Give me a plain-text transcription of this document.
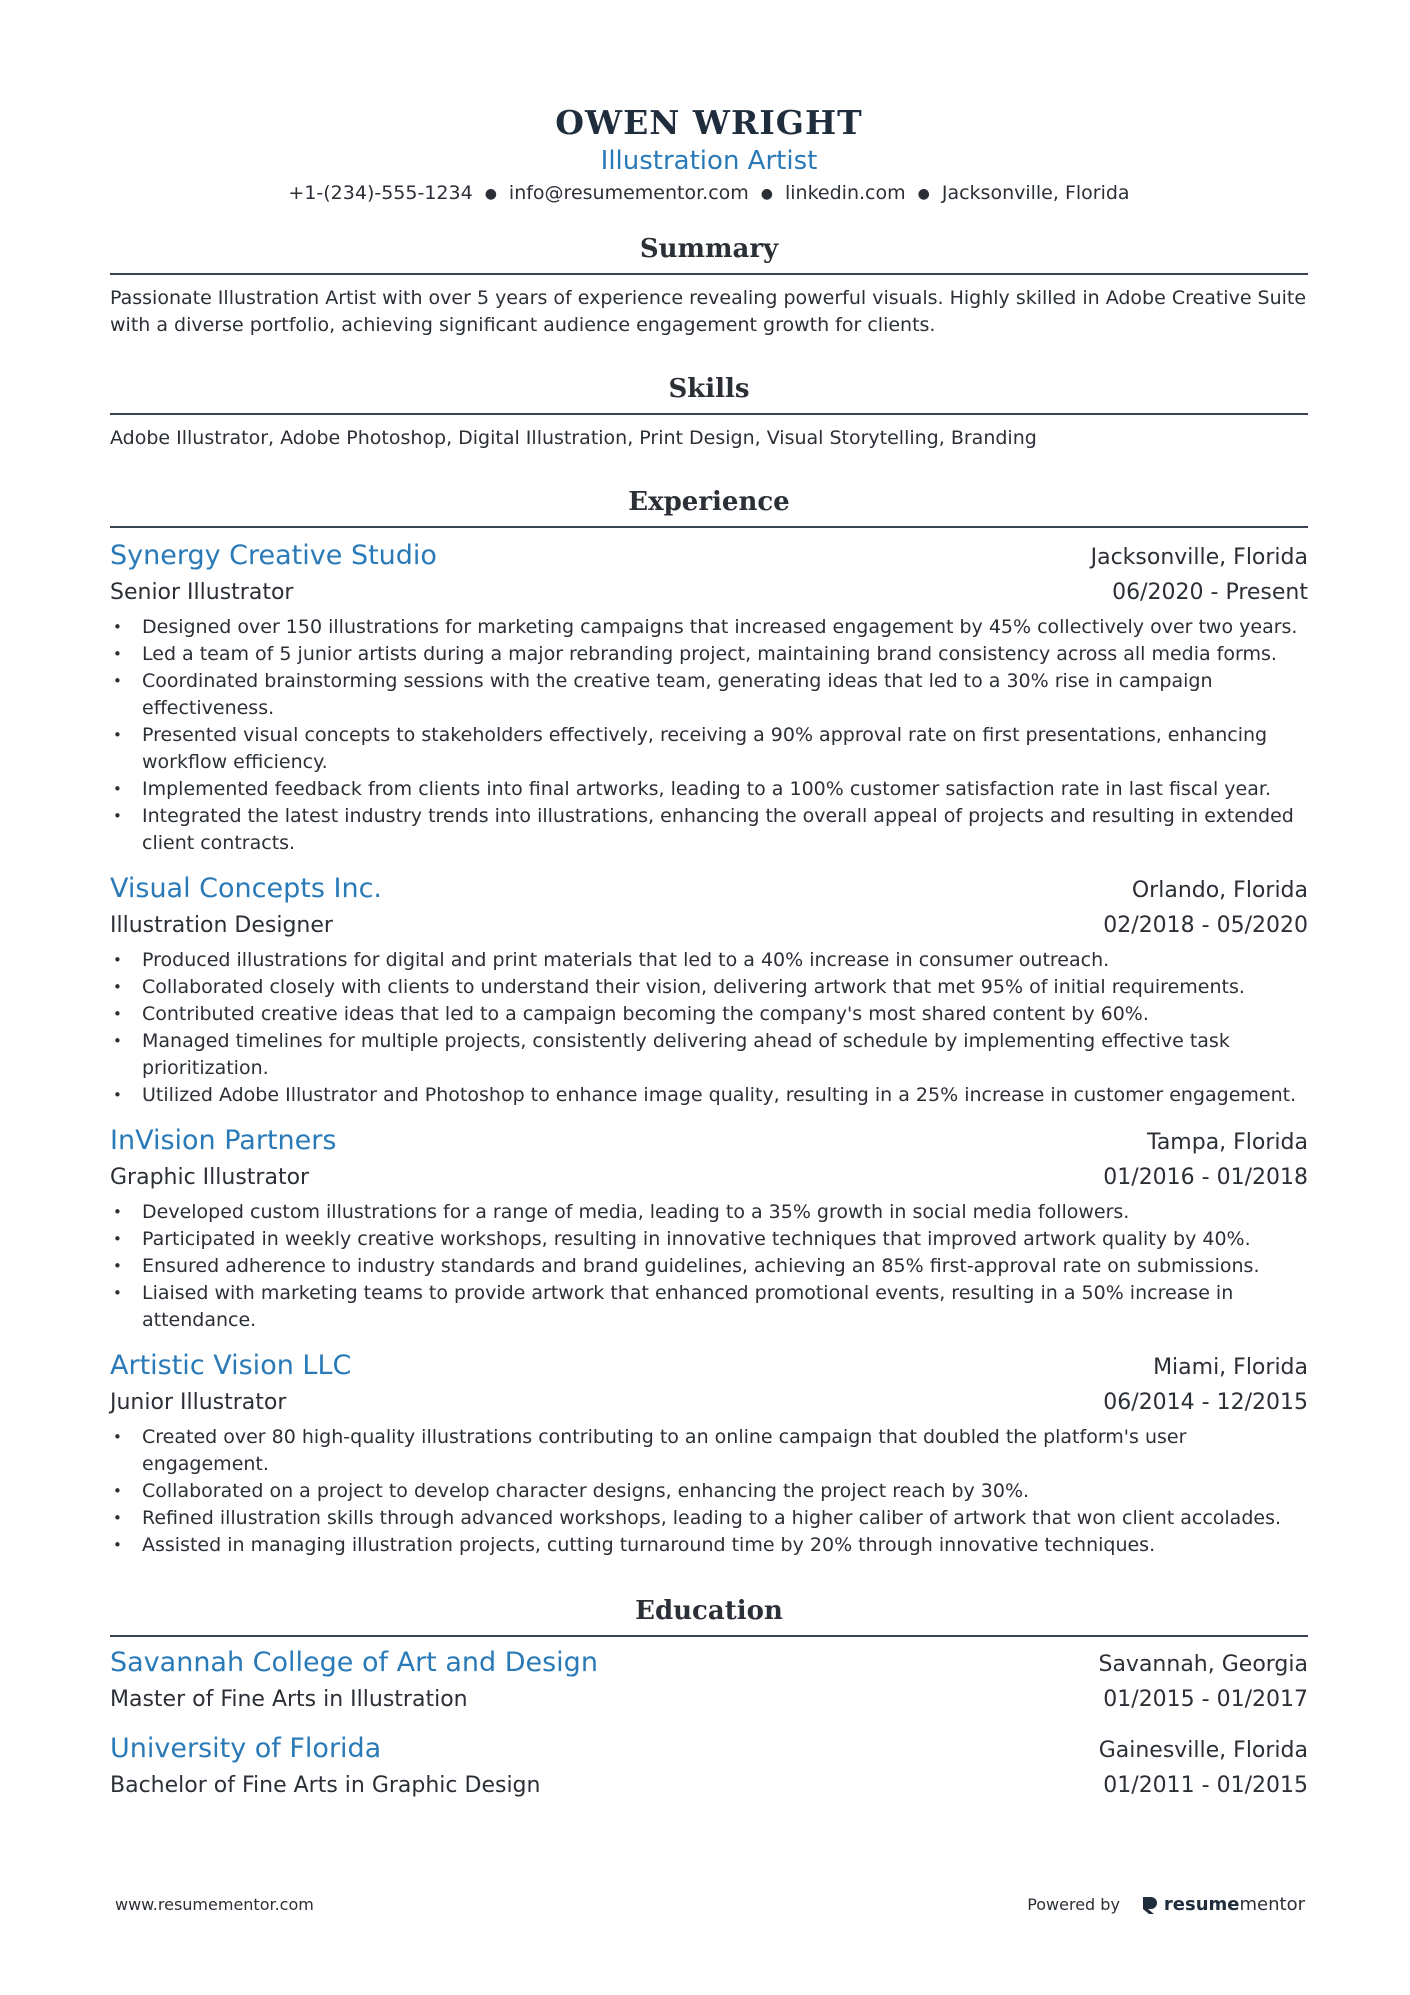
OWEN WRIGHT
Illustration Artist
+1-(234)-555-1234 ● info@resumementor.com ● linkedin.com ● Jacksonville, Florida
Summary

Passionate Illustration Artist with over 5 years of experience revealing powerful visuals. Highly skilled in Adobe Creative Suite with a diverse portfolio, achieving significant audience engagement growth for clients.

Skills

Adobe Illustrator, Adobe Photoshop, Digital Illustration, Print Design, Visual Storytelling, Branding

Experience
Synergy Creative Studio	Jacksonville, Florida
Senior Illustrator	06/2020 - Present
• Designed over 150 illustrations for marketing campaigns that increased engagement by 45% collectively over two years.
• Led a team of 5 junior artists during a major rebranding project, maintaining brand consistency across all media forms.
• Coordinated brainstorming sessions with the creative team, generating ideas that led to a 30% rise in campaign effectiveness.
• Presented visual concepts to stakeholders effectively, receiving a 90% approval rate on first presentations, enhancing workflow efficiency.
• Implemented feedback from clients into final artworks, leading to a 100% customer satisfaction rate in last fiscal year.
• Integrated the latest industry trends into illustrations, enhancing the overall appeal of projects and resulting in extended client contracts.
Visual Concepts Inc.	Orlando, Florida
Illustration Designer	02/2018 - 05/2020
• Produced illustrations for digital and print materials that led to a 40% increase in consumer outreach.
• Collaborated closely with clients to understand their vision, delivering artwork that met 95% of initial requirements.
• Contributed creative ideas that led to a campaign becoming the company's most shared content by 60%.
• Managed timelines for multiple projects, consistently delivering ahead of schedule by implementing effective task prioritization.
• Utilized Adobe Illustrator and Photoshop to enhance image quality, resulting in a 25% increase in customer engagement.
InVision Partners	Tampa, Florida
Graphic Illustrator	01/2016 - 01/2018
• Developed custom illustrations for a range of media, leading to a 35% growth in social media followers.
• Participated in weekly creative workshops, resulting in innovative techniques that improved artwork quality by 40%.
• Ensured adherence to industry standards and brand guidelines, achieving an 85% first-approval rate on submissions.
• Liaised with marketing teams to provide artwork that enhanced promotional events, resulting in a 50% increase in attendance.
Artistic Vision LLC	Miami, Florida
Junior Illustrator	06/2014 - 12/2015
• Created over 80 high-quality illustrations contributing to an online campaign that doubled the platform's user engagement.
• Collaborated on a project to develop character designs, enhancing the project reach by 30%.
• Refined illustration skills through advanced workshops, leading to a higher caliber of artwork that won client accolades.
• Assisted in managing illustration projects, cutting turnaround time by 20% through innovative techniques.
Education
Savannah College of Art and Design	Savannah, Georgia
Master of Fine Arts in Illustration	01/2015 - 01/2017
University of Florida	Gainesville, Florida
Bachelor of Fine Arts in Graphic Design	01/2011 - 01/2015
www.resumementor.com	Powered by resumementor
